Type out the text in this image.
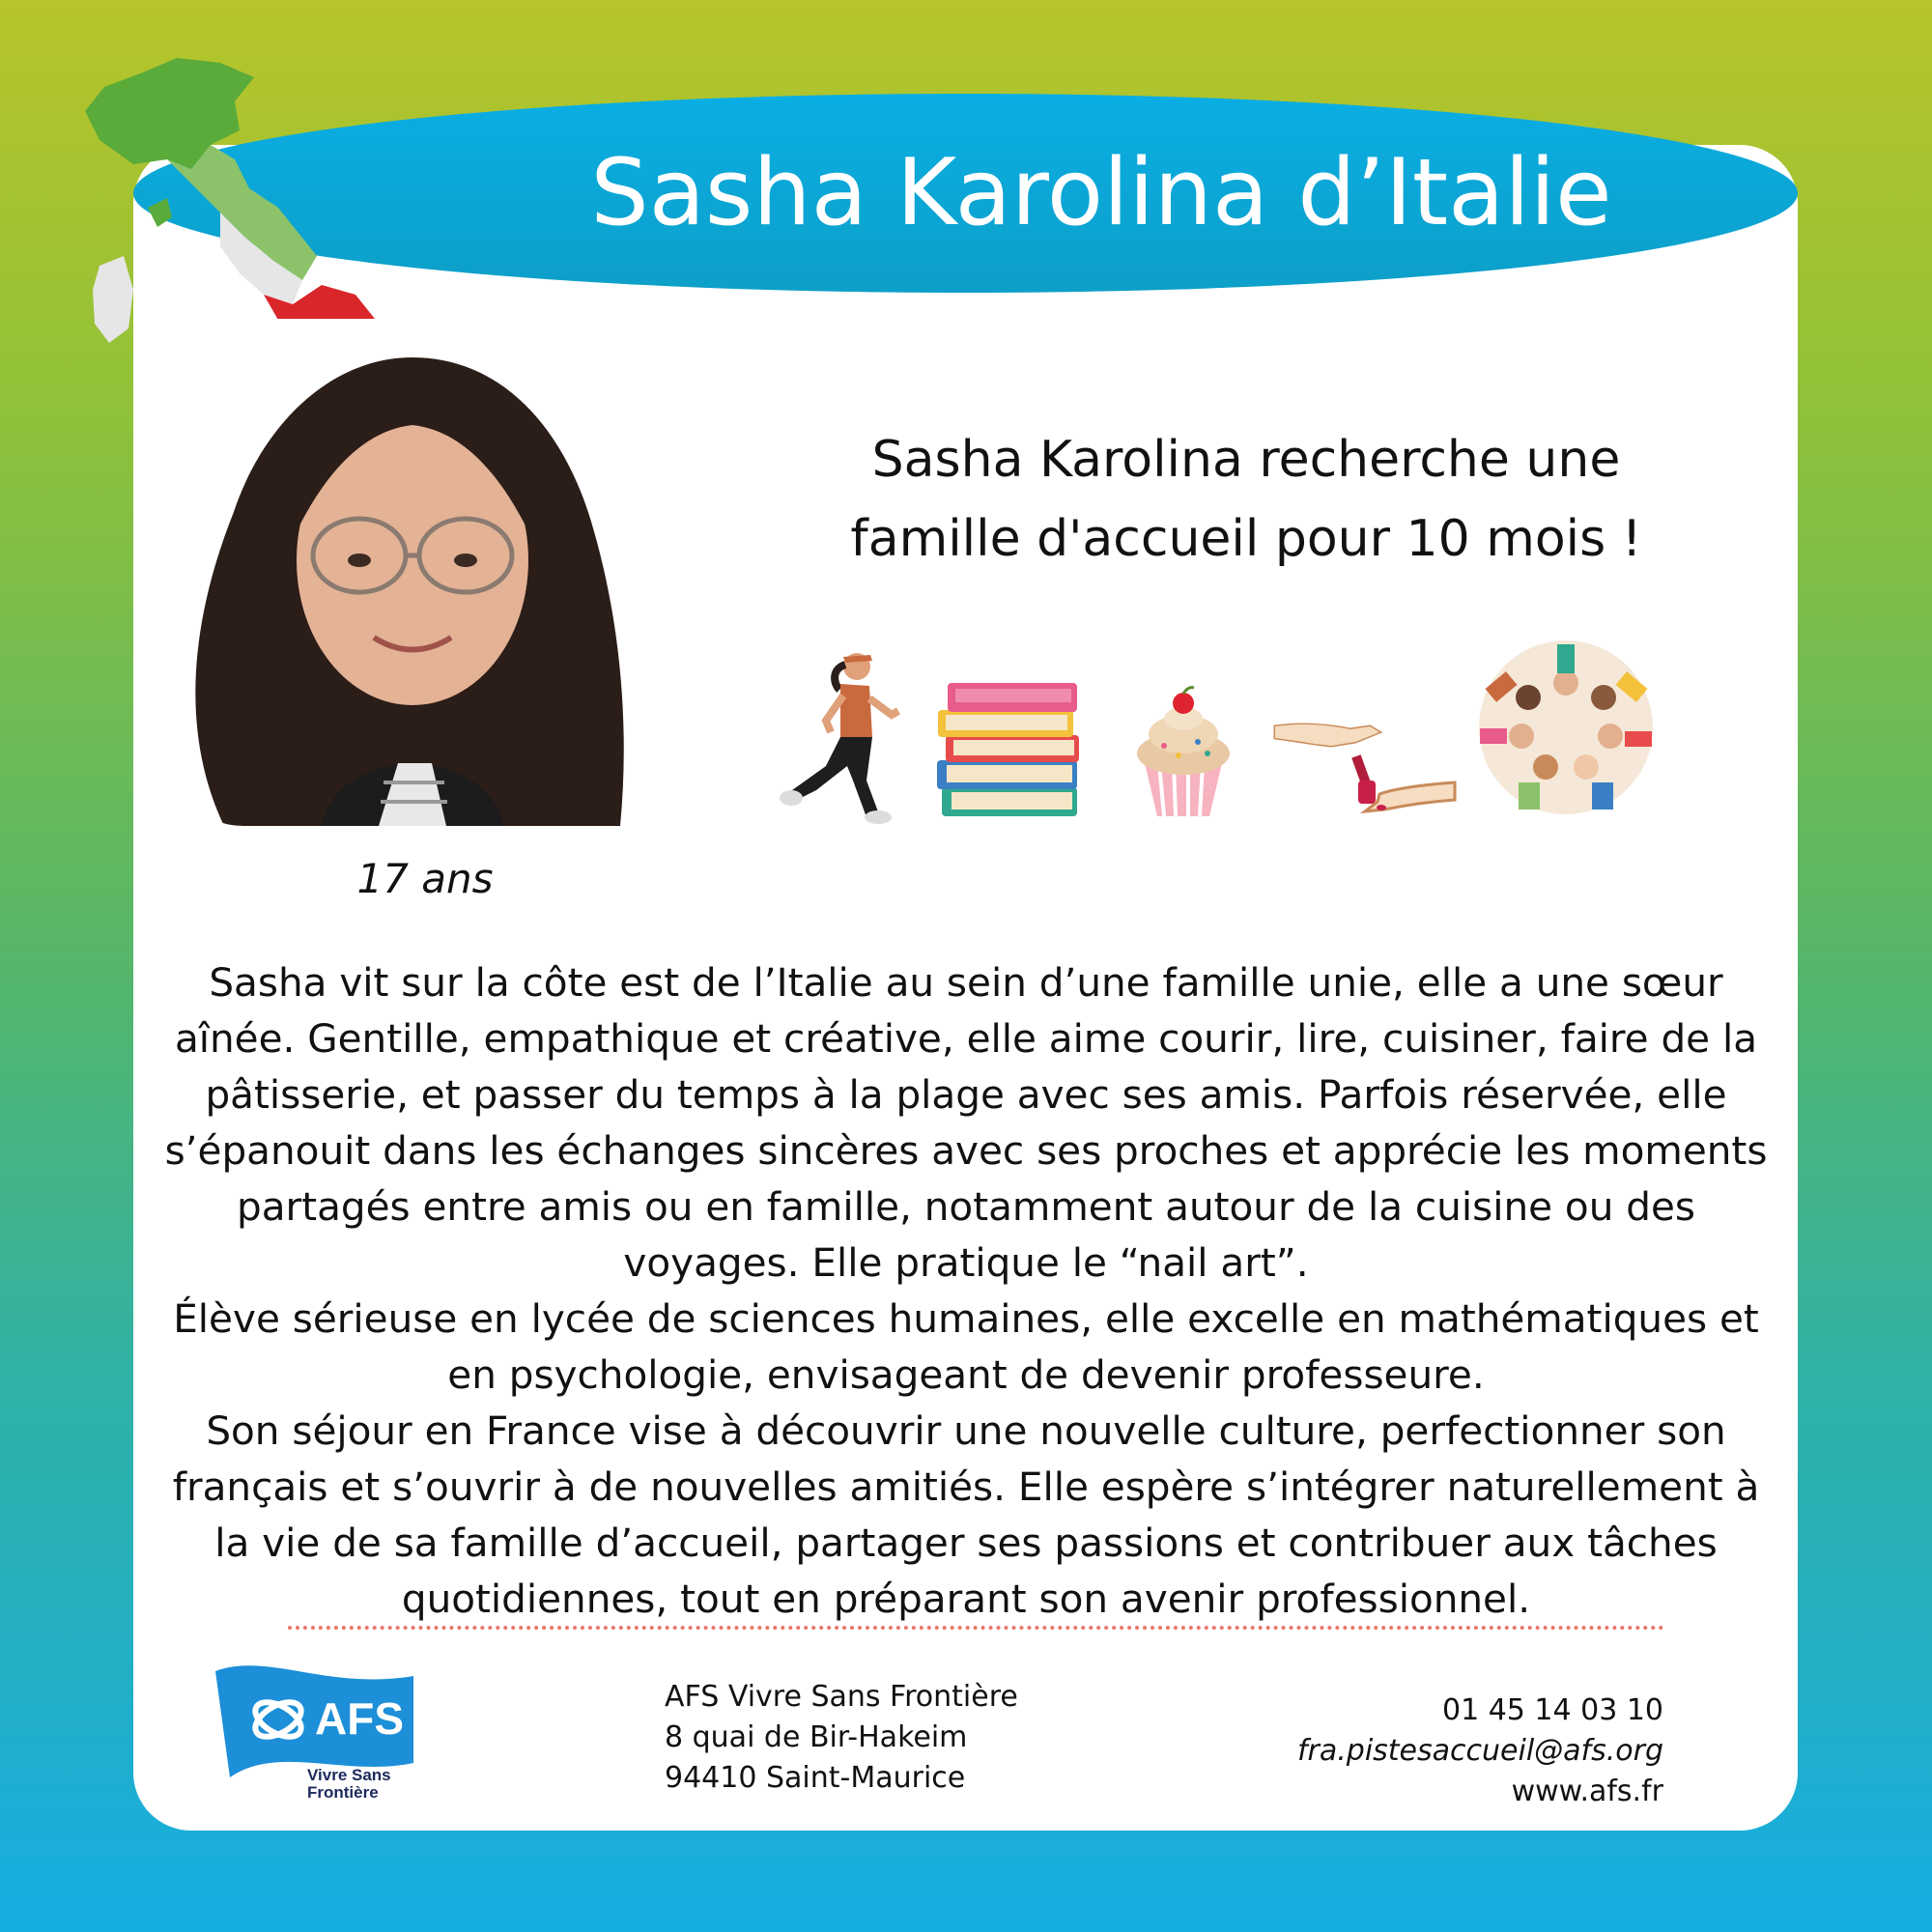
Sasha Karolina d’Italie
17 ans
Sasha Karolina recherche une
famille d'accueil pour 10 mois !

Sasha vit sur la côte est de l’Italie au sein d’une famille unie, elle a une sœur aînée. Gentille, empathique et créative, elle aime courir, lire, cuisiner, faire de la pâtisserie, et passer du temps à la plage avec ses amis. Parfois réservée, elle s’épanouit dans les échanges sincères avec ses proches et apprécie les moments partagés entre amis ou en famille, notamment autour de la cuisine ou des voyages. Elle pratique le “nail art”.

Élève sérieuse en lycée de sciences humaines, elle excelle en mathématiques et en psychologie, envisageant de devenir professeure.

Son séjour en France vise à découvrir une nouvelle culture, perfectionner son français et s’ouvrir à de nouvelles amitiés. Elle espère s’intégrer naturellement à la vie de sa famille d’accueil, partager ses passions et contribuer aux tâches quotidiennes, tout en préparant son avenir professionnel.

AFS
Vivre Sans
Frontière
AFS Vivre Sans Frontière
8 quai de Bir-Hakeim
94410 Saint-Maurice
01 45 14 03 10
fra.pistesaccueil@afs.org
www.afs.fr
